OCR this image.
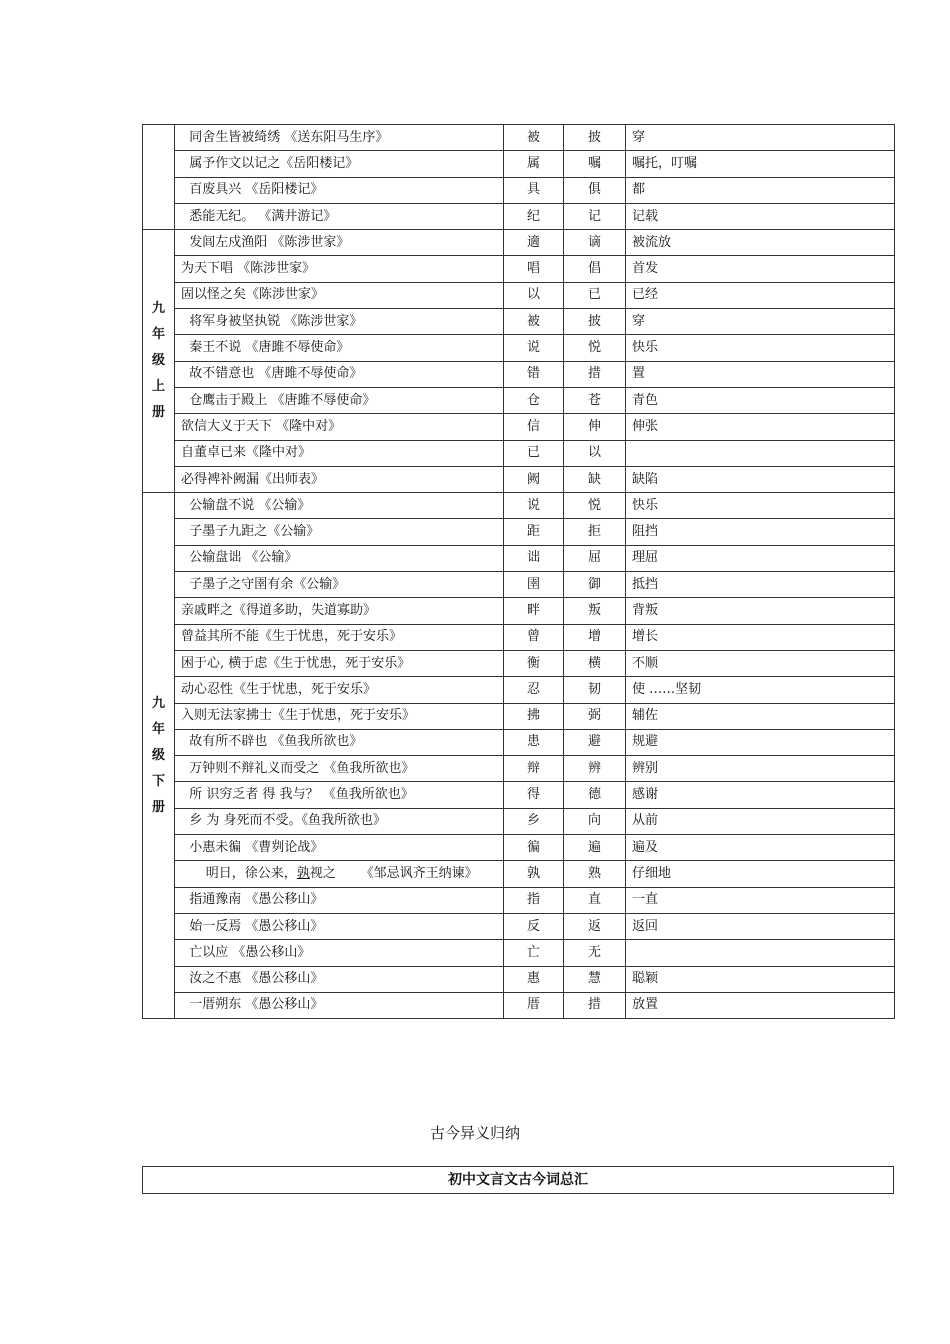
	同舍生皆被绮绣 《送东阳马生序》	被	披	穿
	属予作文以记之《岳阳楼记》	属	嘱	嘱托，叮嘱
	百废具兴 《岳阳楼记》	具	俱	都
	悉能无纪。 《满井游记》	纪	记	记载
九年级上册	发闾左戍渔阳 《陈涉世家》	適	谪	被流放
	为天下唱 《陈涉世家》	唱	倡	首发
	固以怪之矣《陈涉世家》	以	已	已经
	将军身被坚执锐 《陈涉世家》	被	披	穿
	秦王不说 《唐雎不辱使命》	说	悦	快乐
	故不错意也 《唐雎不辱使命》	错	措	置
	仓鹰击于殿上 《唐雎不辱使命》	仓	苍	青色
	欲信大义于天下 《隆中对》	信	伸	伸张
	自董卓已来《隆中对》	已	以	
	必得裨补阙漏《出师表》	阙	缺	缺陷
九年级下册	公输盘不说 《公输》	说	悦	快乐
	子墨子九距之《公输》	距	拒	阻挡
	公输盘诎 《公输》	诎	屈	理屈
	子墨子之守圉有余《公输》	圉	御	抵挡
	亲戚畔之《得道多助，失道寡助》	畔	叛	背叛
	曾益其所不能《生于忧患，死于安乐》	曾	增	增长
	困于心, 横于虑《生于忧患，死于安乐》	衡	横	不顺
	动心忍性《生于忧患，死于安乐》	忍	韧	使 ……坚韧
	入则无法家拂士《生于忧患，死于安乐》	拂	弼	辅佐
	故有所不辟也 《鱼我所欲也》	患	避	规避
	万钟则不辩礼义而受之 《鱼我所欲也》	辩	辨	辨别
	所 识穷乏者 得 我与？ 《鱼我所欲也》	得	德	感谢
	乡 为 身死而不受。《鱼我所欲也》	乡	向	从前
	小惠未徧 《曹刿论战》	徧	遍	遍及
	明日，徐公来，孰视之      《邹忌讽齐王纳谏》	孰	熟	仔细地
	指通豫南 《愚公移山》	指	直	一直
	始一反焉 《愚公移山》	反	返	返回
	亡以应 《愚公移山》	亡	无	
	汝之不惠 《愚公移山》	惠	慧	聪颖
	一厝朔东 《愚公移山》	厝	措	放置
古今异义归纳
初中文言文古今词总汇
